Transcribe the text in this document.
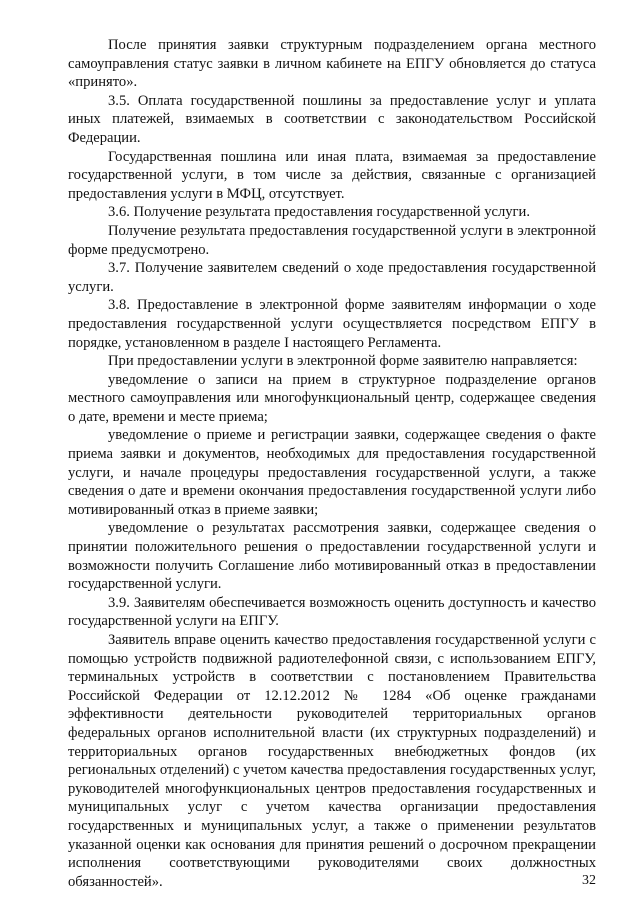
После принятия заявки структурным подразделением органа местного самоуправления статус заявки в личном кабинете на ЕПГУ обновляется до статуса «принято».

3.5. Оплата государственной пошлины за предоставление услуг и уплата иных платежей, взимаемых в соответствии с законодательством Российской Федерации.

Государственная пошлина или иная плата, взимаемая за предоставление государственной услуги, в том числе за действия, связанные с организацией предоставления услуги в МФЦ, отсутствует.

3.6. Получение результата предоставления государственной услуги.

Получение результата предоставления государственной услуги в электронной форме предусмотрено.

3.7. Получение заявителем сведений о ходе предоставления государственной услуги.

3.8. Предоставление в электронной форме заявителям информации о ходе предоставления государственной услуги осуществляется посредством ЕПГУ в порядке, установленном в разделе I настоящего Регламента.

При предоставлении услуги в электронной форме заявителю направляется:

уведомление о записи на прием в структурное подразделение органов местного самоуправления или многофункциональный центр, содержащее сведения о дате, времени и месте приема;

уведомление о приеме и регистрации заявки, содержащее сведения о факте приема заявки и документов, необходимых для предоставления государственной услуги, и начале процедуры предоставления государственной услуги, а также сведения о дате и времени окончания предоставления государственной услуги либо мотивированный отказ в приеме заявки;

уведомление о результатах рассмотрения заявки, содержащее сведения о принятии положительного решения о предоставлении государственной услуги и возможности получить Соглашение либо мотивированный отказ в предоставлении государственной услуги.

3.9. Заявителям обеспечивается возможность оценить доступность и качество государственной услуги на ЕПГУ.

Заявитель вправе оценить качество предоставления государственной услуги с помощью устройств подвижной радиотелефонной связи, с использованием ЕПГУ, терминальных устройств в соответствии с постановлением Правительства Российской Федерации от 12.12.2012 № 1284 «Об оценке гражданами эффективности деятельности руководителей территориальных органов федеральных органов исполнительной власти (их структурных подразделений) и территориальных органов государственных внебюджетных фондов (их региональных отделений) с учетом качества предоставления государственных услуг, руководителей многофункциональных центров предоставления государственных и муниципальных услуг с учетом качества организации предоставления государственных и муниципальных услуг, а также о применении результатов указанной оценки как основания для принятия решений о досрочном прекращении исполнения соответствующими руководителями своих должностных обязанностей».	32
